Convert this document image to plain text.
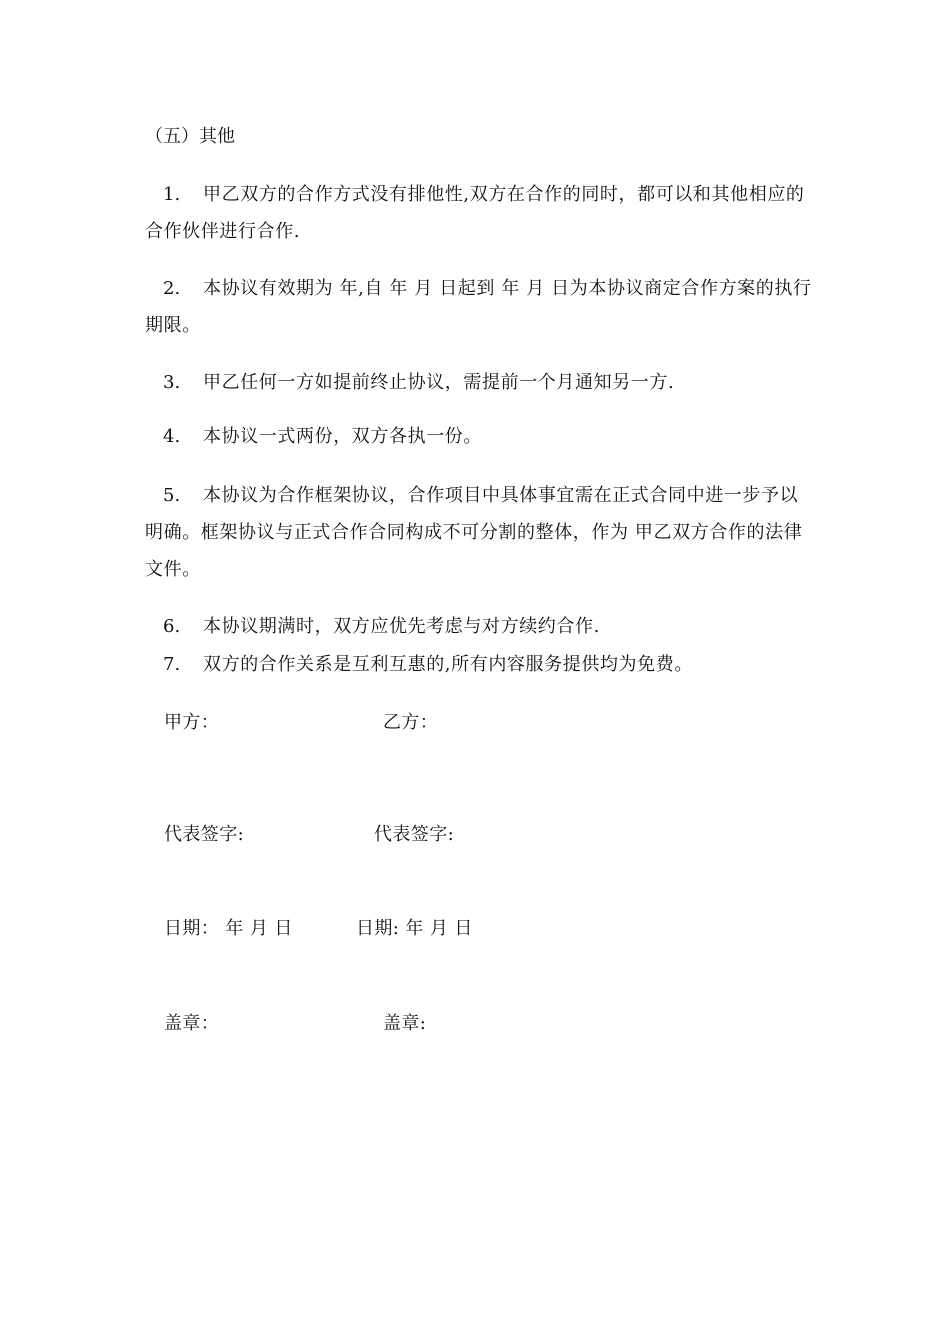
（五）其他
1. 甲乙双方的合作方式没有排他性,双方在合作的同时，都可以和其他相应的合作伙伴进行合作.
2. 本协议有效期为 年,自 年 月 日起到 年 月 日为本协议商定合作方案的执行期限。
3. 甲乙任何一方如提前终止协议，需提前一个月通知另一方.
4. 本协议一式两份，双方各执一份。
5. 本协议为合作框架协议，合作项目中具体事宜需在正式合同中进一步予以明确。框架协议与正式合作合同构成不可分割的整体，作为 甲乙双方合作的法律文件。
6. 本协议期满时，双方应优先考虑与对方续约合作.
7. 双方的合作关系是互利互惠的,所有内容服务提供均为免费。
甲方：	乙方：
代表签字:	代表签字:
日期： 年 月 日	日期: 年 月 日
盖章：	盖章:
